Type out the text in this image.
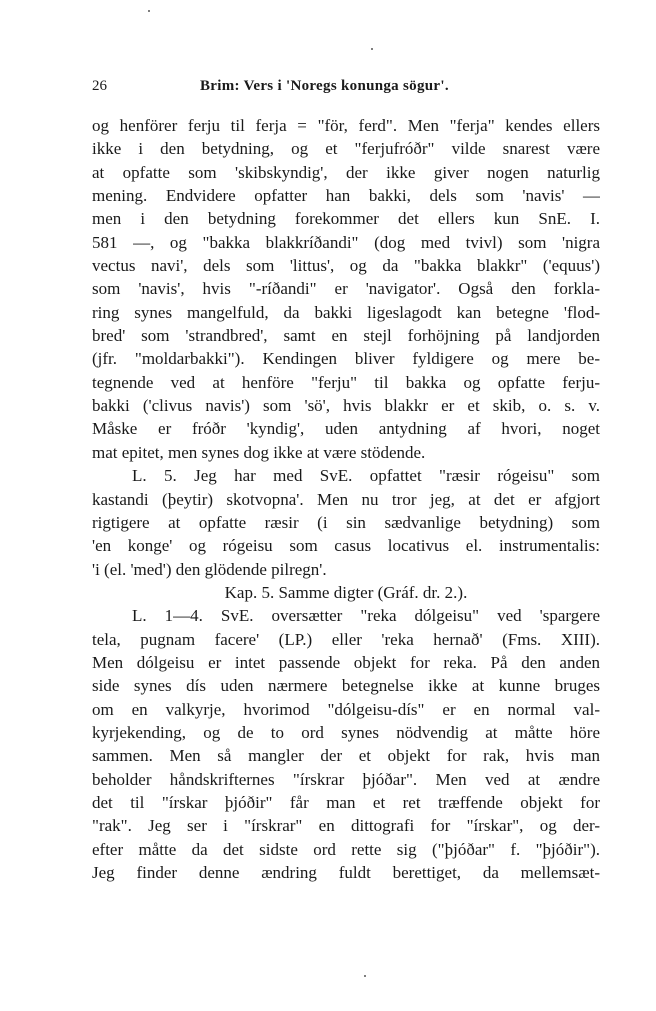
26	Brim: Vers i 'Noregs konunga sögur'.
og henförer ferju til ferja = "för, ferd". Men "ferja" kendes ellers
ikke i den betydning, og et "ferjufróðr" vilde snarest være
at opfatte som 'skibskyndig', der ikke giver nogen naturlig
mening. Endvidere opfatter han bakki, dels som 'navis' —
men i den betydning forekommer det ellers kun SnE. I.
581 —, og "bakka blakkríðandi" (dog med tvivl) som 'nigra
vectus navi', dels som 'littus', og da "bakka blakkr" ('equus')
som 'navis', hvis "-ríðandi" er 'navigator'. Også den forkla-
ring synes mangelfuld, da bakki ligeslagodt kan betegne 'flod-
bred' som 'strandbred', samt en stejl forhöjning på landjorden
(jfr. "moldarbakki"). Kendingen bliver fyldigere og mere be-
tegnende ved at henföre "ferju" til bakka og opfatte ferju-
bakki ('clivus navis') som 'sö', hvis blakkr er et skib, o. s. v.
Måske er fróðr 'kyndig', uden antydning af hvori, noget
mat epitet, men synes dog ikke at være stödende.
L. 5. Jeg har med SvE. opfattet "ræsir rógeisu" som
kastandi (þeytir) skotvopna'. Men nu tror jeg, at det er afgjort
rigtigere at opfatte ræsir (i sin sædvanlige betydning) som
'en konge' og rógeisu som casus locativus el. instrumentalis:
'i (el. 'med') den glödende pilregn'.
Kap. 5. Samme digter (Gráf. dr. 2.).
L. 1—4. SvE. oversætter "reka dólgeisu" ved 'spargere
tela, pugnam facere' (LP.) eller 'reka hernað' (Fms. XIII).
Men dólgeisu er intet passende objekt for reka. På den anden
side synes dís uden nærmere betegnelse ikke at kunne bruges
om en valkyrje, hvorimod "dólgeisu-dís" er en normal val-
kyrjekending, og de to ord synes nödvendig at måtte höre
sammen. Men så mangler der et objekt for rak, hvis man
beholder håndskrifternes "írskrar þjóðar". Men ved at ændre
det til "írskar þjóðir" får man et ret træffende objekt for
"rak". Jeg ser i "írskrar" en dittografi for "írskar", og der-
efter måtte da det sidste ord rette sig ("þjóðar" f. "þjóðir").
Jeg finder denne ændring fuldt berettiget, da mellemsæt-
